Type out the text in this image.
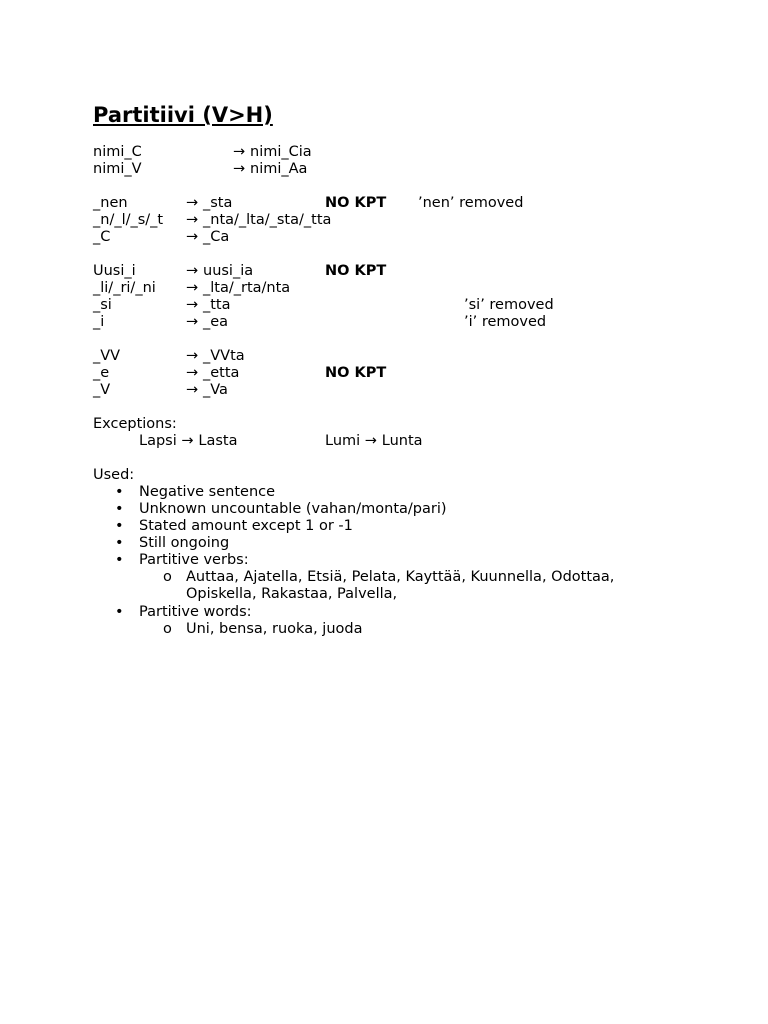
Partitiivi (V>H)
nimi_C	→ nimi_Cia
nimi_V	→ nimi_Aa
_nen	→ _sta	NO KPT ’nen’ removed
_n/_l/_s/_t → _nta/_lta/_sta/_tta
_C	→ _Ca
Uusi_i	→ uusi_ia	NO KPT
_li/_ri/_ni → _lta/_rta/nta
_si	→ _tta	’si’ removed
_i	→ _ea	’i’ removed
_VV	→ _VVta
_e	→ _etta	NO KPT
_V	→ _Va
Exceptions:
Lapsi → Lasta	Lumi → Lunta
Used:
• Negative sentence
• Unknown uncountable (vahan/monta/pari)
• Stated amount except 1 or -1
• Still ongoing
• Partitive verbs:
o Auttaa, Ajatella, Etsiä, Pelata, Kayttää, Kuunnella, Odottaa,
Opiskella, Rakastaa, Palvella,
• Partitive words:
o Uni, bensa, ruoka, juoda
